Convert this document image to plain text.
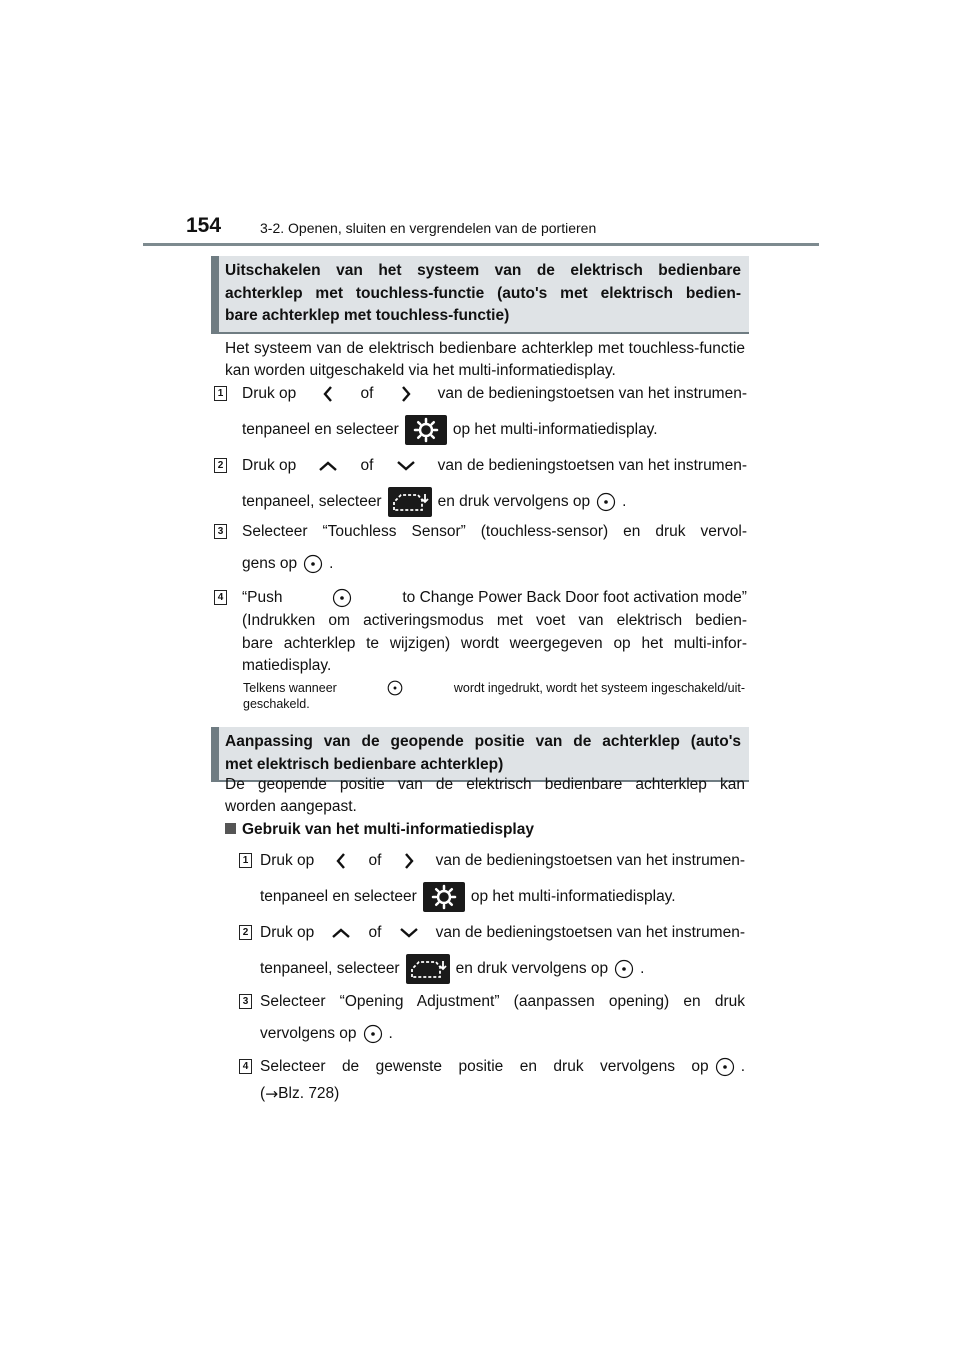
154	3-2. Openen, sluiten en vergrendelen van de portieren
Uitschakelen van het systeem van de elektrisch bedienbare
achterklep met touchless-functie (auto's met elektrisch bedien-
bare achterklep met touchless-functie)
Het systeem van de elektrisch bedienbare achterklep met touchless-functie kan worden uitgeschakeld via het multi-informatiedisplay.
1 Druk op	of	van de bedieningstoetsen van het instrumen-
tenpaneel en selecteer	op het multi-informatiedisplay.
2 Druk op	of	van de bedieningstoetsen van het instrumen-
tenpaneel, selecteer	en druk vervolgens op .
3 Selecteer “Touchless Sensor” (touchless-sensor) en druk vervol-
gens op .
4 “Push	to Change Power Back Door foot activation mode”
(Indrukken om activeringsmodus met voet van elektrisch bedien-
bare achterklep te wijzigen) wordt weergegeven op het multi-infor-
matiedisplay.
Telkens wanneer	wordt ingedrukt, wordt het systeem ingeschakeld/uit-
geschakeld.
Aanpassing van de geopende positie van de achterklep (auto's
met elektrisch bedienbare achterklep)
De geopende positie van de elektrisch bedienbare achterklep kan
worden aangepast.
Gebruik van het multi-informatiedisplay
1 Druk op	of	van de bedieningstoetsen van het instrumen-
tenpaneel en selecteer	op het multi-informatiedisplay.
2 Druk op	of	van de bedieningstoetsen van het instrumen-
tenpaneel, selecteer	en druk vervolgens op .
3 Selecteer “Opening Adjustment” (aanpassen opening) en druk
vervolgens op .
4 Selecteer de gewenste positie en druk vervolgens op .
( → Blz. 728)
